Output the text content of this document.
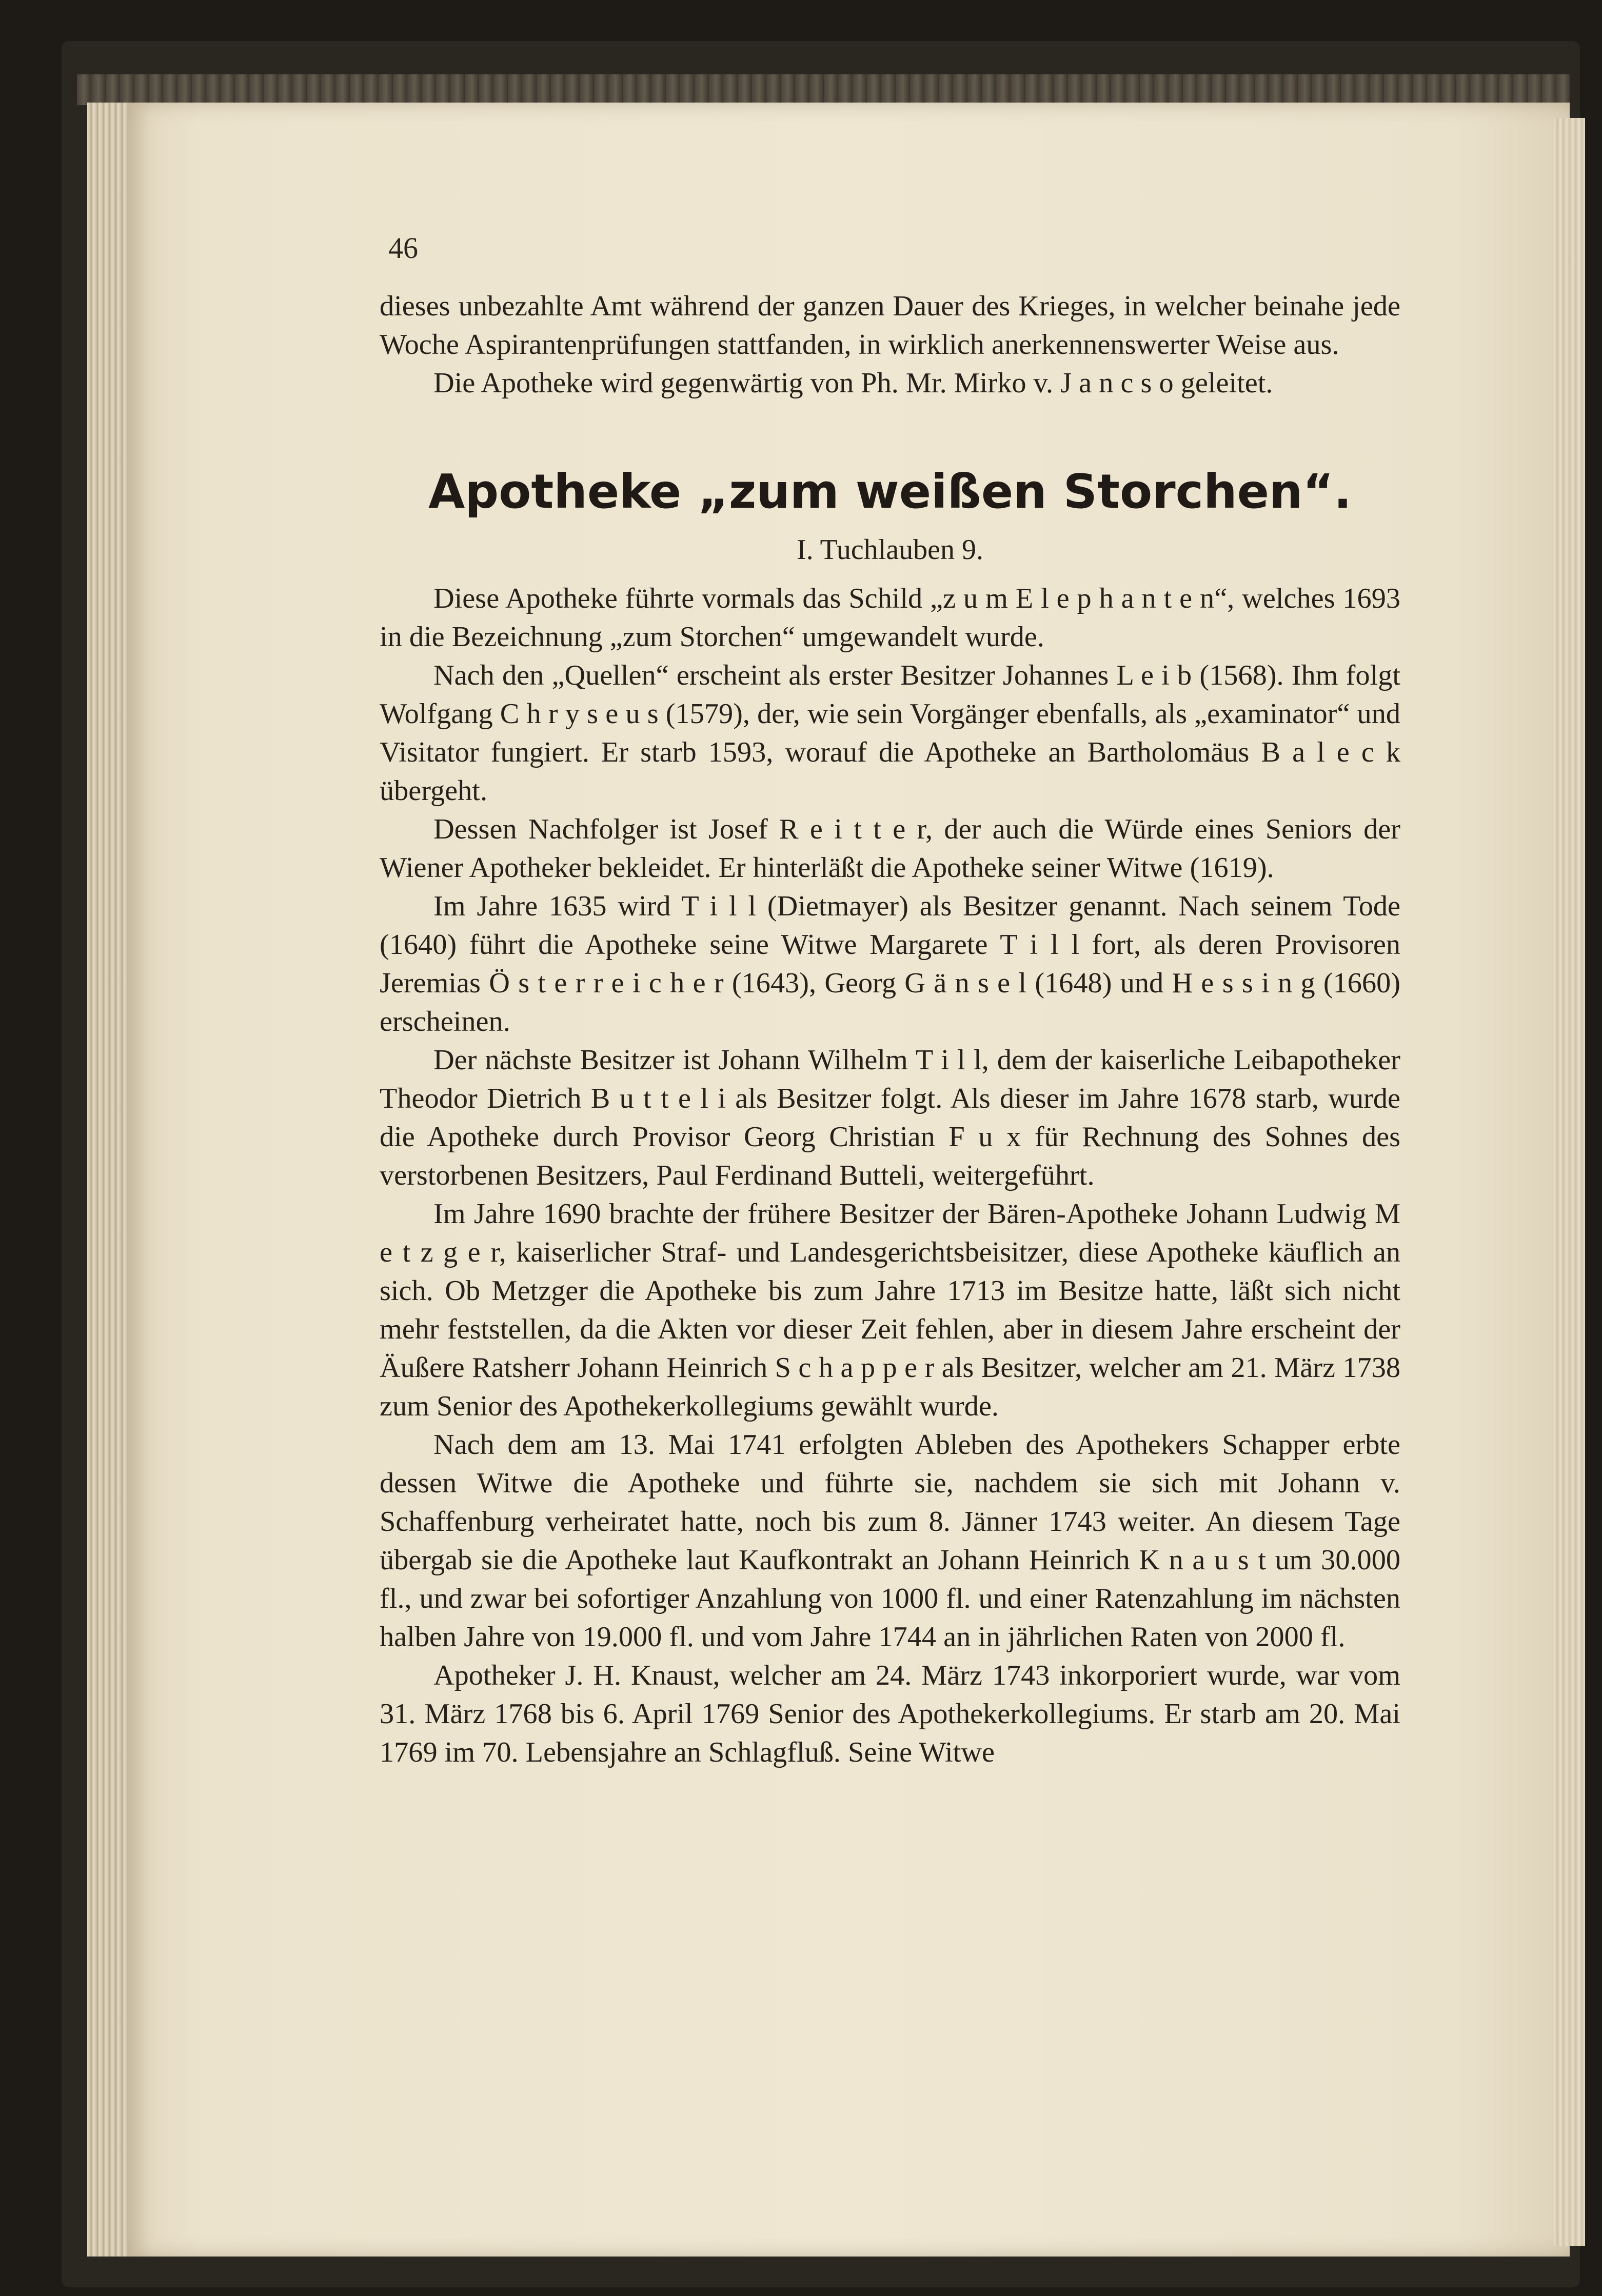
46

dieses unbezahlte Amt während der ganzen Dauer des Krieges, in welcher beinahe jede Woche Aspirantenprüfungen stattfanden, in wirklich anerkennenswerter Weise aus.

Die Apotheke wird gegenwärtig von Ph. Mr. Mirko v. J a n c s o geleitet.

Apotheke „zum weißen Storchen“.
I. Tuchlauben 9.

Diese Apotheke führte vormals das Schild „z u m E l e p h a n t e n“, welches 1693 in die Bezeichnung „zum Storchen“ umgewandelt wurde.

Nach den „Quellen“ erscheint als erster Besitzer Johannes L e i b (1568). Ihm folgt Wolfgang C h r y s e u s (1579), der, wie sein Vorgänger ebenfalls, als „examinator“ und Visitator fungiert. Er starb 1593, worauf die Apotheke an Bartholomäus B a l e c k übergeht.

Dessen Nachfolger ist Josef R e i t t e r, der auch die Würde eines Seniors der Wiener Apotheker bekleidet. Er hinterläßt die Apotheke seiner Witwe (1619).

Im Jahre 1635 wird T i l l (Dietmayer) als Besitzer genannt. Nach seinem Tode (1640) führt die Apotheke seine Witwe Margarete T i l l fort, als deren Provisoren Jeremias Ö s t e r r e i c h e r (1643), Georg G ä n s e l (1648) und H e s s i n g (1660) erscheinen.

Der nächste Besitzer ist Johann Wilhelm T i l l, dem der kaiserliche Leibapotheker Theodor Dietrich B u t t e l i als Besitzer folgt. Als dieser im Jahre 1678 starb, wurde die Apotheke durch Provisor Georg Christian F u x für Rechnung des Sohnes des verstorbenen Besitzers, Paul Ferdinand Butteli, weitergeführt.

Im Jahre 1690 brachte der frühere Besitzer der Bären-Apotheke Johann Ludwig M e t z g e r, kaiserlicher Straf- und Landesgerichtsbeisitzer, diese Apotheke käuflich an sich. Ob Metzger die Apotheke bis zum Jahre 1713 im Besitze hatte, läßt sich nicht mehr feststellen, da die Akten vor dieser Zeit fehlen, aber in diesem Jahre erscheint der Äußere Ratsherr Johann Heinrich S c h a p p e r als Besitzer, welcher am 21. März 1738 zum Senior des Apothekerkollegiums gewählt wurde.

Nach dem am 13. Mai 1741 erfolgten Ableben des Apothekers Schapper erbte dessen Witwe die Apotheke und führte sie, nachdem sie sich mit Johann v. Schaffenburg verheiratet hatte, noch bis zum 8. Jänner 1743 weiter. An diesem Tage übergab sie die Apotheke laut Kaufkontrakt an Johann Heinrich K n a u s t um 30.000 fl., und zwar bei sofortiger Anzahlung von 1000 fl. und einer Ratenzahlung im nächsten halben Jahre von 19.000 fl. und vom Jahre 1744 an in jährlichen Raten von 2000 fl.

Apotheker J. H. Knaust, welcher am 24. März 1743 inkorporiert wurde, war vom 31. März 1768 bis 6. April 1769 Senior des Apothekerkollegiums. Er starb am 20. Mai 1769 im 70. Lebensjahre an Schlagfluß. Seine Witwe
